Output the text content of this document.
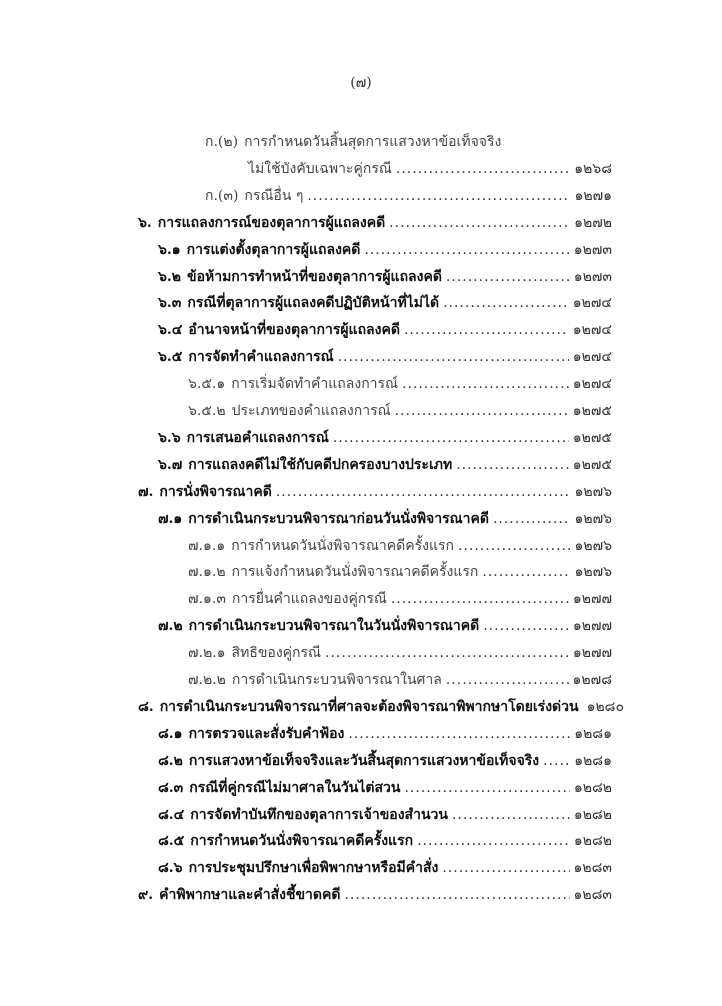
(๗)
ก.(๒) การกำหนดวันสิ้นสุดการแสวงหาข้อเท็จจริง
ไม่ใช้บังคับเฉพาะคู่กรณี .....	๑๒๖๘
ก.(๓) กรณีอื่น ๆ .....	๑๒๗๑
๖. การแถลงการณ์ของตุลาการผู้แถลงคดี .....	๑๒๗๒
๖.๑ การแต่งตั้งตุลาการผู้แถลงคดี .....	๑๒๗๓
๖.๒ ข้อห้ามการทำหน้าที่ของตุลาการผู้แถลงคดี .....	๑๒๗๓
๖.๓ กรณีที่ตุลาการผู้แถลงคดีปฏิบัติหน้าที่ไม่ได้ .....	๑๒๗๔
๖.๔ อำนาจหน้าที่ของตุลาการผู้แถลงคดี .....	๑๒๗๔
๖.๕ การจัดทำคำแถลงการณ์ .....	๑๒๗๔
๖.๕.๑ การเริ่มจัดทำคำแถลงการณ์ .....	๑๒๗๔
๖.๕.๒ ประเภทของคำแถลงการณ์ .....	๑๒๗๕
๖.๖ การเสนอคำแถลงการณ์ .....	๑๒๗๕
๖.๗ การแถลงคดีไม่ใช้กับคดีปกครองบางประเภท .....	๑๒๗๕
๗. การนั่งพิจารณาคดี .....	๑๒๗๖
๗.๑ การดำเนินกระบวนพิจารณาก่อนวันนั่งพิจารณาคดี .....	๑๒๗๖
๗.๑.๑ การกำหนดวันนั่งพิจารณาคดีครั้งแรก .....	๑๒๗๖
๗.๑.๒ การแจ้งกำหนดวันนั่งพิจารณาคดีครั้งแรก .....	๑๒๗๖
๗.๑.๓ การยื่นคำแถลงของคู่กรณี .....	๑๒๗๗
๗.๒ การดำเนินกระบวนพิจารณาในวันนั่งพิจารณาคดี .....	๑๒๗๗
๗.๒.๑ สิทธิของคู่กรณี .....	๑๒๗๗
๗.๒.๒ การดำเนินกระบวนพิจารณาในศาล .....	๑๒๗๘
๘. การดำเนินกระบวนพิจารณาที่ศาลจะต้องพิจารณาพิพากษาโดยเร่งด่วน ๑๒๘๐
๘.๑ การตรวจและสั่งรับคำฟ้อง .....	๑๒๘๑
๘.๒ การแสวงหาข้อเท็จจริงและวันสิ้นสุดการแสวงหาข้อเท็จจริง .....	๑๒๘๑
๘.๓ กรณีที่คู่กรณีไม่มาศาลในวันไต่สวน .....	๑๒๘๒
๘.๔ การจัดทำบันทึกของตุลาการเจ้าของสำนวน .....	๑๒๘๒
๘.๕ การกำหนดวันนั่งพิจารณาคดีครั้งแรก .....	๑๒๘๒
๘.๖ การประชุมปรึกษาเพื่อพิพากษาหรือมีคำสั่ง .....	๑๒๘๓
๙. คำพิพากษาและคำสั่งชี้ขาดคดี .....	๑๒๘๓
